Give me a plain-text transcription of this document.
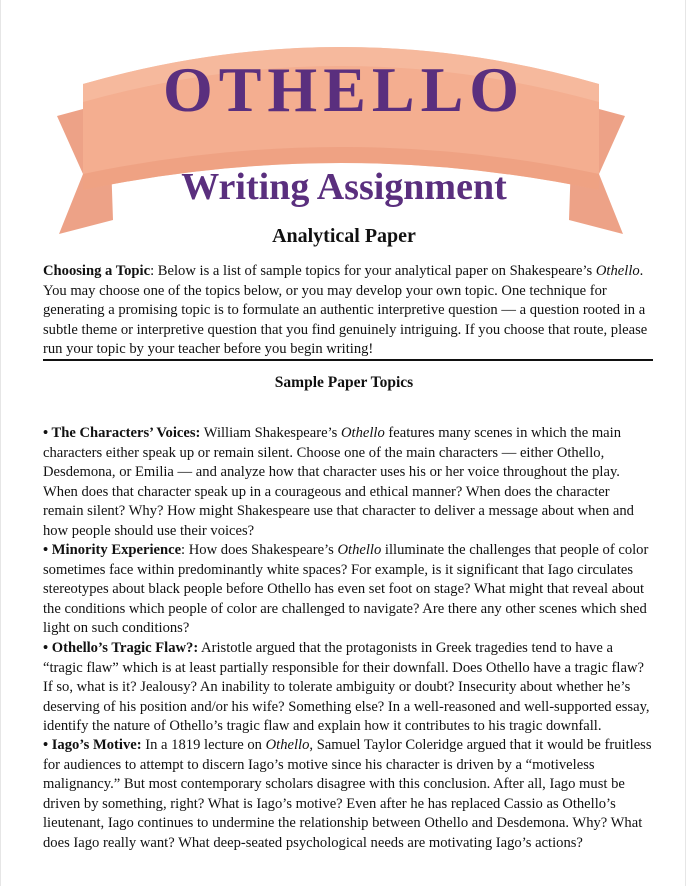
OTHELLO
Writing Assignment
Analytical Paper
Choosing a Topic: Below is a list of sample topics for your analytical paper on Shakespeare’s Othello. You may choose one of the topics below, or you may develop your own topic. One technique for generating a promising topic is to formulate an authentic interpretive question — a question rooted in a subtle theme or interpretive question that you find genuinely intriguing. If you choose that route, please run your topic by your teacher before you begin writing!
Sample Paper Topics
• The Characters’ Voices: William Shakespeare’s Othello features many scenes in which the main characters either speak up or remain silent. Choose one of the main characters — either Othello, Desdemona, or Emilia — and analyze how that character uses his or her voice throughout the play. When does that character speak up in a courageous and ethical manner? When does the character remain silent? Why? How might Shakespeare use that character to deliver a message about when and how people should use their voices?
• Minority Experience: How does Shakespeare’s Othello illuminate the challenges that people of color sometimes face within predominantly white spaces? For example, is it significant that Iago circulates stereotypes about black people before Othello has even set foot on stage? What might that reveal about the conditions which people of color are challenged to navigate? Are there any other scenes which shed light on such conditions?
• Othello’s Tragic Flaw?: Aristotle argued that the protagonists in Greek tragedies tend to have a “tragic flaw” which is at least partially responsible for their downfall. Does Othello have a tragic flaw? If so, what is it? Jealousy? An inability to tolerate ambiguity or doubt? Insecurity about whether he’s deserving of his position and/or his wife? Something else? In a well-reasoned and well-supported essay, identify the nature of Othello’s tragic flaw and explain how it contributes to his tragic downfall.
• Iago’s Motive: In a 1819 lecture on Othello, Samuel Taylor Coleridge argued that it would be fruitless for audiences to attempt to discern Iago’s motive since his character is driven by a “motiveless malignancy.” But most contemporary scholars disagree with this conclusion. After all, Iago must be driven by something, right? What is Iago’s motive? Even after he has replaced Cassio as Othello’s lieutenant, Iago continues to undermine the relationship between Othello and Desdemona. Why? What does Iago really want? What deep-seated psychological needs are motivating Iago’s actions?
